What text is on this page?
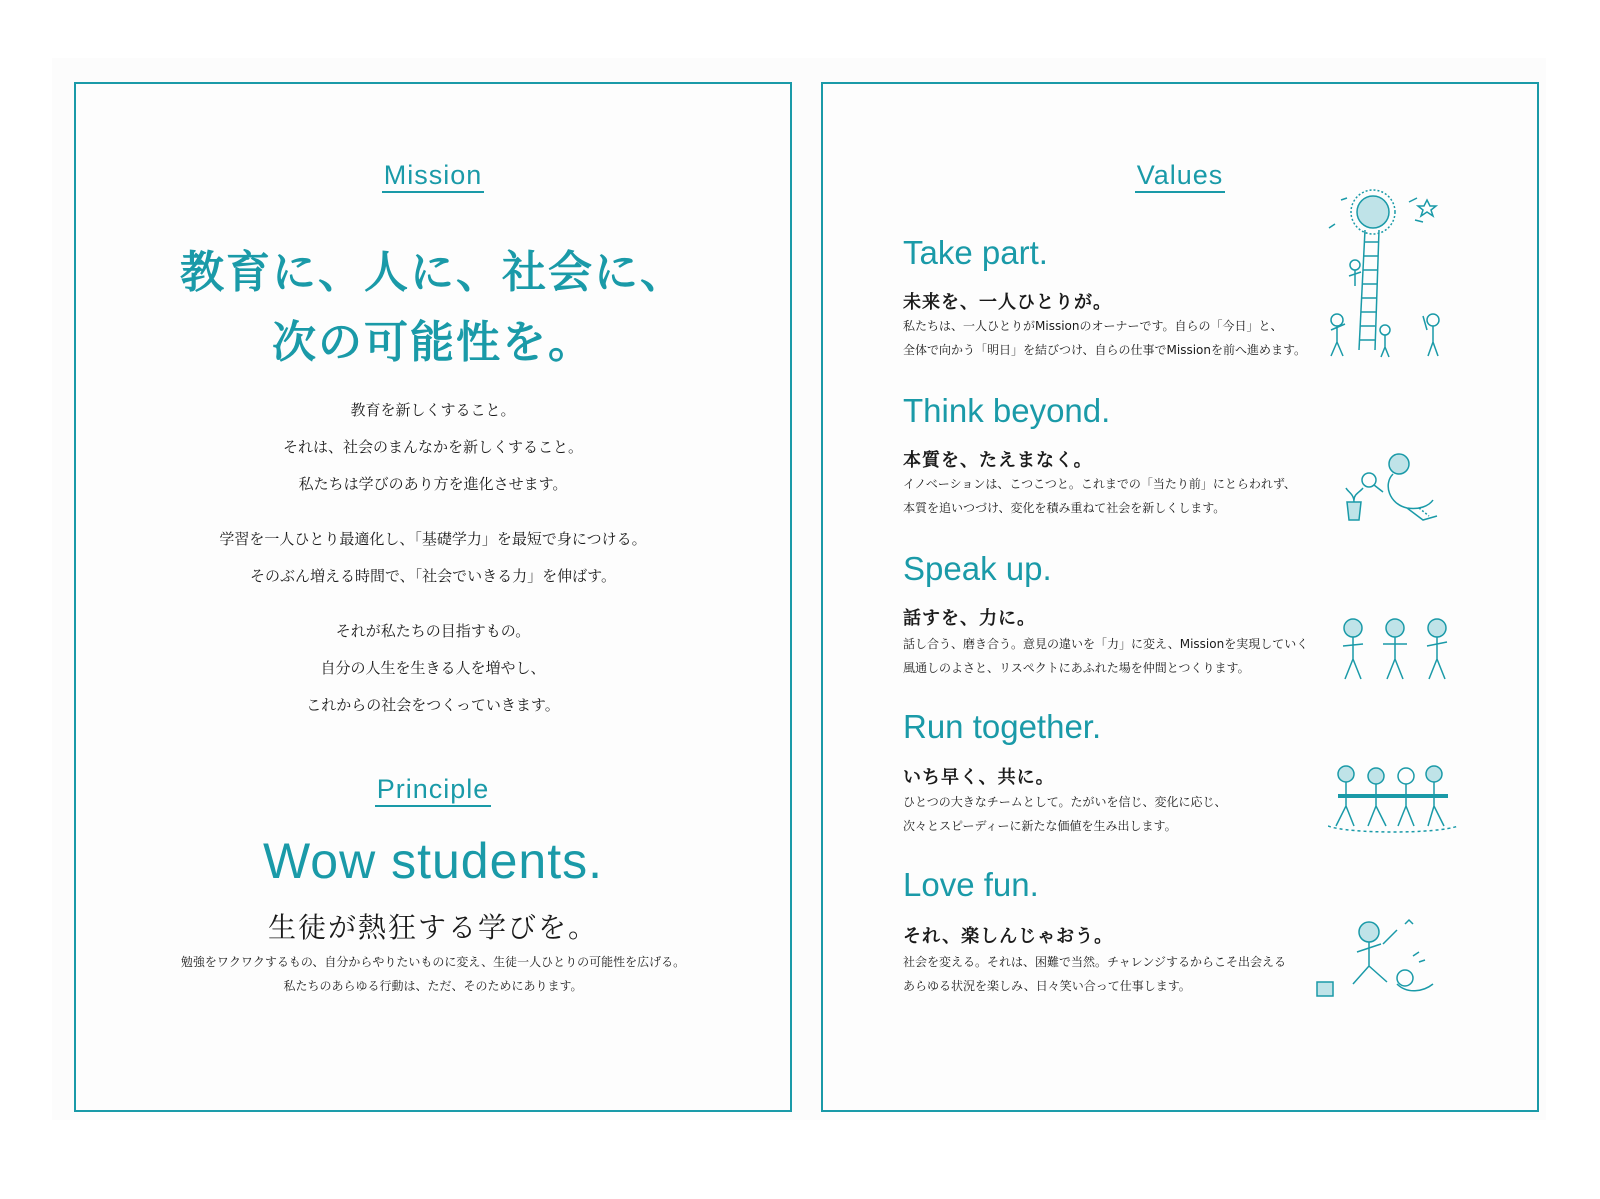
Mission
教育に、人に、社会に、
次の可能性を。
教育を新しくすること。
それは、社会のまんなかを新しくすること。
私たちは学びのあり方を進化させます。
学習を一人ひとり最適化し、「基礎学力」を最短で身につける。
そのぶん増える時間で、「社会でいきる力」を伸ばす。
それが私たちの目指すもの。
自分の人生を生きる人を増やし、
これからの社会をつくっていきます。
Principle
Wow students.
生徒が熱狂する学びを。
勉強をワクワクするもの、自分からやりたいものに変え、生徒一人ひとりの可能性を広げる。
私たちのあらゆる行動は、ただ、そのためにあります。
Values
Take part.
未来を、一人ひとりが。
私たちは、一人ひとりがMissionのオーナーです。自らの「今日」と、
全体で向かう「明日」を結びつけ、自らの仕事でMissionを前へ進めます。
Think beyond.
本質を、たえまなく。
イノベーションは、こつこつと。これまでの「当たり前」にとらわれず、
本質を追いつづけ、変化を積み重ねて社会を新しくします。
Speak up.
話すを、力に。
話し合う、磨き合う。意見の違いを「力」に変え、Missionを実現していく
風通しのよさと、リスペクトにあふれた場を仲間とつくります。
Run together.
いち早く、共に。
ひとつの大きなチームとして。たがいを信じ、変化に応じ、
次々とスピーディーに新たな価値を生み出します。
Love fun.
それ、楽しんじゃおう。
社会を変える。それは、困難で当然。チャレンジするからこそ出会える
あらゆる状況を楽しみ、日々笑い合って仕事します。
